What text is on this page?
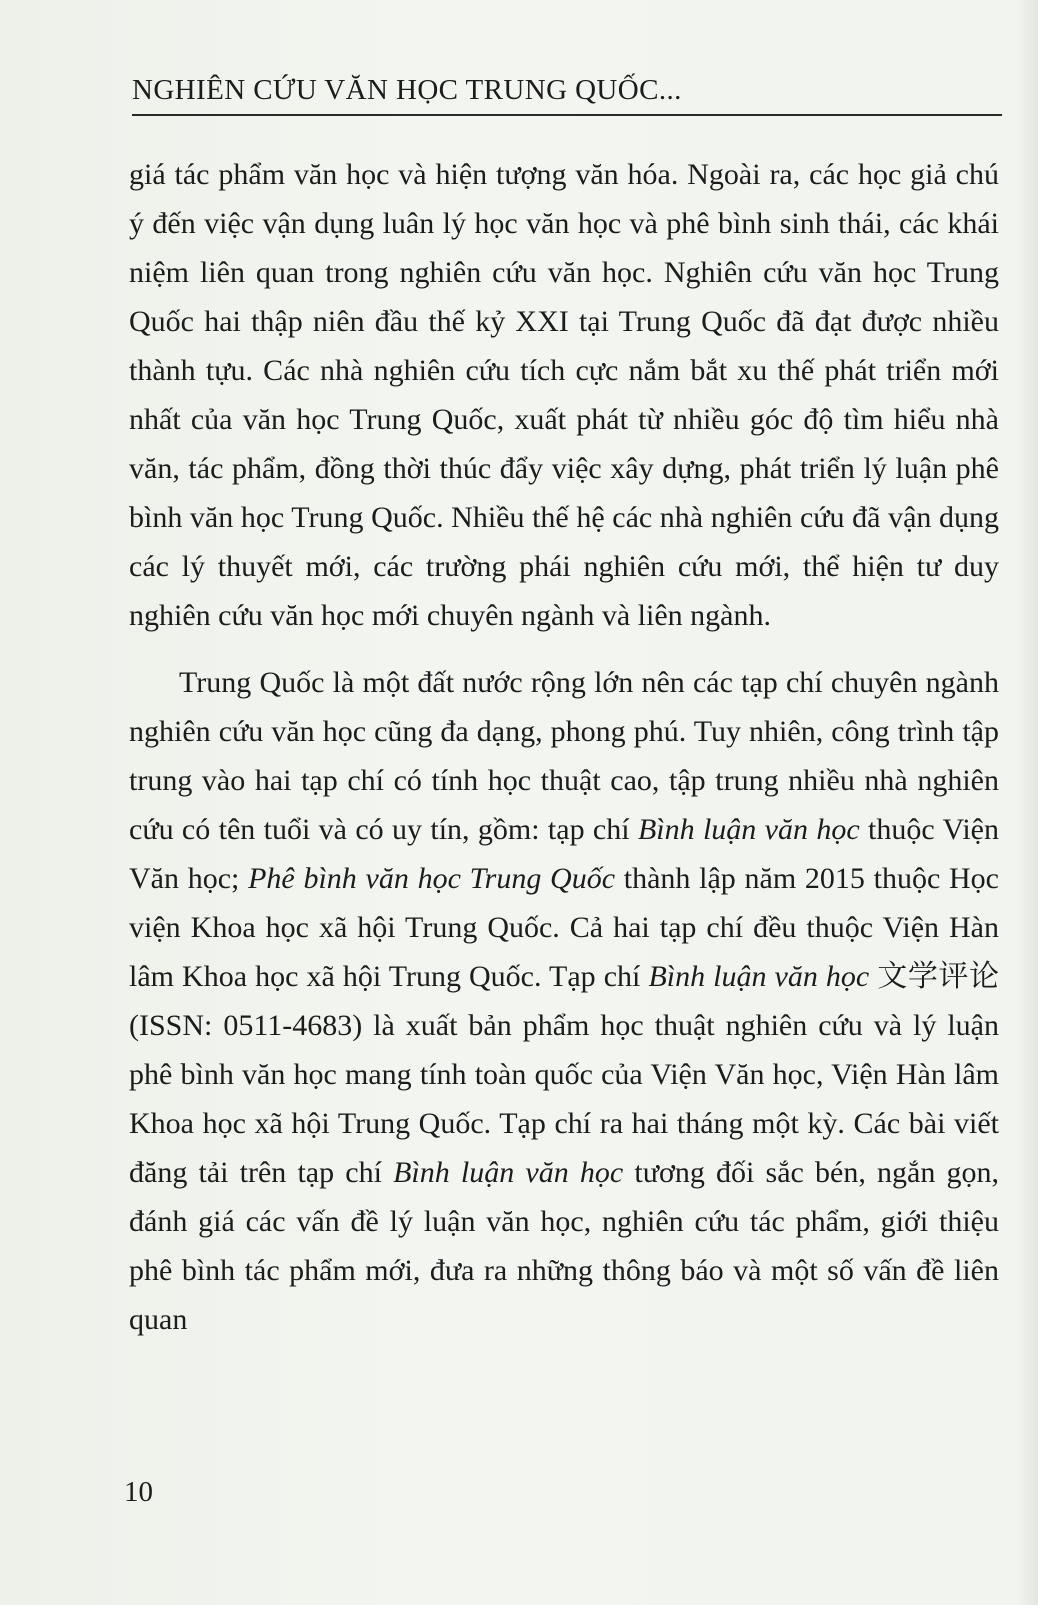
NGHIÊN CỨU VĂN HỌC TRUNG QUỐC...

giá tác phẩm văn học và hiện tượng văn hóa. Ngoài ra, các học giả chú ý đến việc vận dụng luân lý học văn học và phê bình sinh thái, các khái niệm liên quan trong nghiên cứu văn học. Nghiên cứu văn học Trung Quốc hai thập niên đầu thế kỷ XXI tại Trung Quốc đã đạt được nhiều thành tựu. Các nhà nghiên cứu tích cực nắm bắt xu thế phát triển mới nhất của văn học Trung Quốc, xuất phát từ nhiều góc độ tìm hiểu nhà văn, tác phẩm, đồng thời thúc đẩy việc xây dựng, phát triển lý luận phê bình văn học Trung Quốc. Nhiều thế hệ các nhà nghiên cứu đã vận dụng các lý thuyết mới, các trường phái nghiên cứu mới, thể hiện tư duy nghiên cứu văn học mới chuyên ngành và liên ngành.

Trung Quốc là một đất nước rộng lớn nên các tạp chí chuyên ngành nghiên cứu văn học cũng đa dạng, phong phú. Tuy nhiên, công trình tập trung vào hai tạp chí có tính học thuật cao, tập trung nhiều nhà nghiên cứu có tên tuổi và có uy tín, gồm: tạp chí Bình luận văn học thuộc Viện Văn học; Phê bình văn học Trung Quốc thành lập năm 2015 thuộc Học viện Khoa học xã hội Trung Quốc. Cả hai tạp chí đều thuộc Viện Hàn lâm Khoa học xã hội Trung Quốc. Tạp chí Bình luận văn học 文学评论 (ISSN: 0511-4683) là xuất bản phẩm học thuật nghiên cứu và lý luận phê bình văn học mang tính toàn quốc của Viện Văn học, Viện Hàn lâm Khoa học xã hội Trung Quốc. Tạp chí ra hai tháng một kỳ. Các bài viết đăng tải trên tạp chí Bình luận văn học tương đối sắc bén, ngắn gọn, đánh giá các vấn đề lý luận văn học, nghiên cứu tác phẩm, giới thiệu phê bình tác phẩm mới, đưa ra những thông báo và một số vấn đề liên quan

10
